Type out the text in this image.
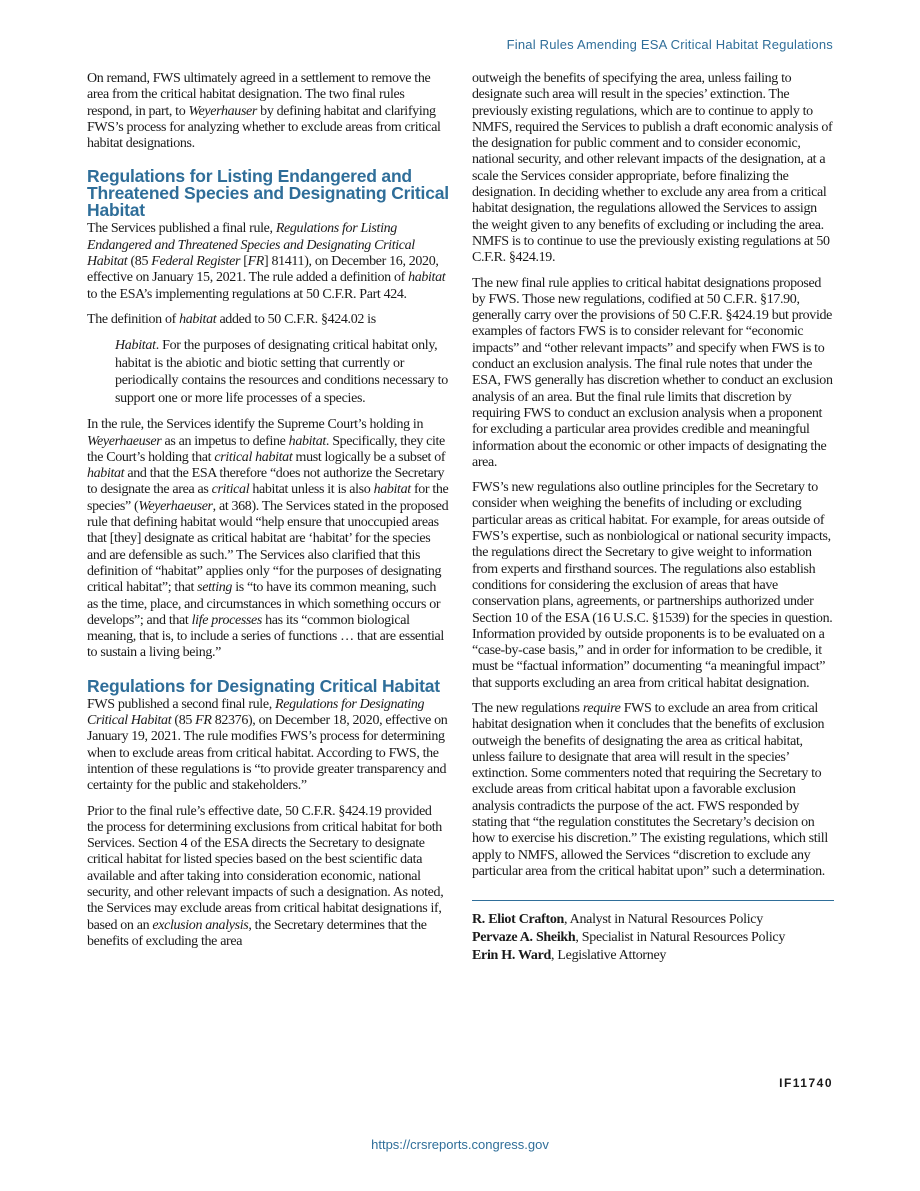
Final Rules Amending ESA Critical Habitat Regulations

On remand, FWS ultimately agreed in a settlement to remove the area from the critical habitat designation. The two final rules respond, in part, to Weyerhauser by defining habitat and clarifying FWS’s process for analyzing whether to exclude areas from critical habitat designations.

Regulations for Listing Endangered and Threatened Species and Designating Critical Habitat

The Services published a final rule, Regulations for Listing Endangered and Threatened Species and Designating Critical Habitat (85 Federal Register [FR] 81411), on December 16, 2020, effective on January 15, 2021. The rule added a definition of habitat to the ESA’s implementing regulations at 50 C.F.R. Part 424.

The definition of habitat added to 50 C.F.R. §424.02 is

Habitat. For the purposes of designating critical habitat only, habitat is the abiotic and biotic setting that currently or periodically contains the resources and conditions necessary to support one or more life processes of a species.

In the rule, the Services identify the Supreme Court’s holding in Weyerhaeuser as an impetus to define habitat. Specifically, they cite the Court’s holding that critical habitat must logically be a subset of habitat and that the ESA therefore “does not authorize the Secretary to designate the area as critical habitat unless it is also habitat for the species” (Weyerhaeuser, at 368). The Services stated in the proposed rule that defining habitat would “help ensure that unoccupied areas that [they] designate as critical habitat are ‘habitat’ for the species and are defensible as such.” The Services also clarified that this definition of “habitat” applies only “for the purposes of designating critical habitat”; that setting is “to have its common meaning, such as the time, place, and circumstances in which something occurs or develops”; and that life processes has its “common biological meaning, that is, to include a series of functions … that are essential to sustain a living being.”

Regulations for Designating Critical Habitat

FWS published a second final rule, Regulations for Designating Critical Habitat (85 FR 82376), on December 18, 2020, effective on January 19, 2021. The rule modifies FWS’s process for determining when to exclude areas from critical habitat. According to FWS, the intention of these regulations is “to provide greater transparency and certainty for the public and stakeholders.”

Prior to the final rule’s effective date, 50 C.F.R. §424.19 provided the process for determining exclusions from critical habitat for both Services. Section 4 of the ESA directs the Secretary to designate critical habitat for listed species based on the best scientific data available and after taking into consideration economic, national security, and other relevant impacts of such a designation. As noted, the Services may exclude areas from critical habitat designations if, based on an exclusion analysis, the Secretary determines that the benefits of excluding the area

outweigh the benefits of specifying the area, unless failing to designate such area will result in the species’ extinction. The previously existing regulations, which are to continue to apply to NMFS, required the Services to publish a draft economic analysis of the designation for public comment and to consider economic, national security, and other relevant impacts of the designation, at a scale the Services consider appropriate, before finalizing the designation. In deciding whether to exclude any area from a critical habitat designation, the regulations allowed the Services to assign the weight given to any benefits of excluding or including the area. NMFS is to continue to use the previously existing regulations at 50 C.F.R. §424.19.

The new final rule applies to critical habitat designations proposed by FWS. Those new regulations, codified at 50 C.F.R. §17.90, generally carry over the provisions of 50 C.F.R. §424.19 but provide examples of factors FWS is to consider relevant for “economic impacts” and “other relevant impacts” and specify when FWS is to conduct an exclusion analysis. The final rule notes that under the ESA, FWS generally has discretion whether to conduct an exclusion analysis of an area. But the final rule limits that discretion by requiring FWS to conduct an exclusion analysis when a proponent for excluding a particular area provides credible and meaningful information about the economic or other impacts of designating the area.

FWS’s new regulations also outline principles for the Secretary to consider when weighing the benefits of including or excluding particular areas as critical habitat. For example, for areas outside of FWS’s expertise, such as nonbiological or national security impacts, the regulations direct the Secretary to give weight to information from experts and firsthand sources. The regulations also establish conditions for considering the exclusion of areas that have conservation plans, agreements, or partnerships authorized under Section 10 of the ESA (16 U.S.C. §1539) for the species in question. Information provided by outside proponents is to be evaluated on a “case-by-case basis,” and in order for information to be credible, it must be “factual information” documenting “a meaningful impact” that supports excluding an area from critical habitat designation.

The new regulations require FWS to exclude an area from critical habitat designation when it concludes that the benefits of exclusion outweigh the benefits of designating the area as critical habitat, unless failure to designate that area will result in the species’ extinction. Some commenters noted that requiring the Secretary to exclude areas from critical habitat upon a favorable exclusion analysis contradicts the purpose of the act. FWS responded by stating that “the regulation constitutes the Secretary’s decision on how to exercise his discretion.” The existing regulations, which still apply to NMFS, allowed the Services “discretion to exclude any particular area from the critical habitat upon” such a determination.

R. Eliot Crafton, Analyst in Natural Resources Policy
Pervaze A. Sheikh, Specialist in Natural Resources Policy
Erin H. Ward, Legislative Attorney
IF11740
https://crsreports.congress.gov
